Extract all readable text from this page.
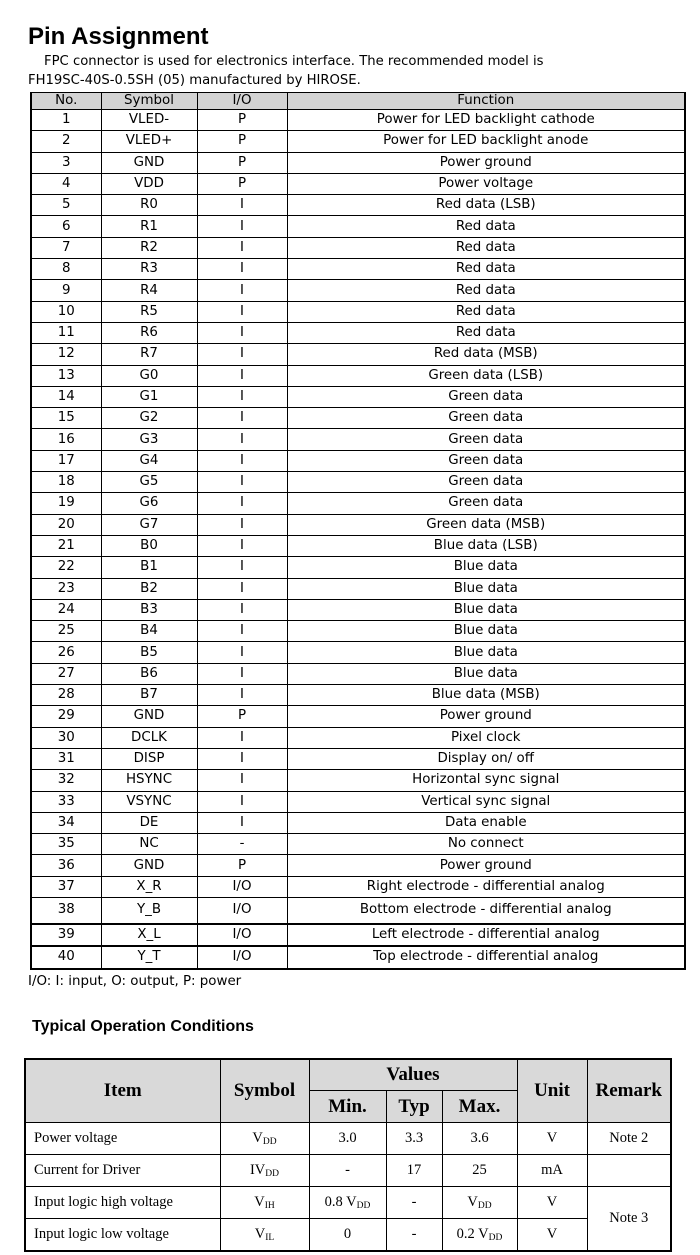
Pin Assignment
FPC connector is used for electronics interface. The recommended model is
FH19SC-40S-0.5SH (05) manufactured by HIROSE.
No.	Symbol	I/O	Function
1	VLED-	P	Power for LED backlight cathode
2	VLED+	P	Power for LED backlight anode
3	GND	P	Power ground
4	VDD	P	Power voltage
5	R0	I	Red data (LSB)
6	R1	I	Red data
7	R2	I	Red data
8	R3	I	Red data
9	R4	I	Red data
10	R5	I	Red data
11	R6	I	Red data
12	R7	I	Red data (MSB)
13	G0	I	Green data (LSB)
14	G1	I	Green data
15	G2	I	Green data
16	G3	I	Green data
17	G4	I	Green data
18	G5	I	Green data
19	G6	I	Green data
20	G7	I	Green data (MSB)
21	B0	I	Blue data (LSB)
22	B1	I	Blue data
23	B2	I	Blue data
24	B3	I	Blue data
25	B4	I	Blue data
26	B5	I	Blue data
27	B6	I	Blue data
28	B7	I	Blue data (MSB)
29	GND	P	Power ground
30	DCLK	I	Pixel clock
31	DISP	I	Display on/ off
32	HSYNC	I	Horizontal sync signal
33	VSYNC	I	Vertical sync signal
34	DE	I	Data enable
35	NC	-	No connect
36	GND	P	Power ground
37	X_R	I/O	Right electrode - differential analog
38	Y_B	I/O	Bottom electrode - differential analog
39	X_L	I/O	Left electrode - differential analog
40	Y_T	I/O	Top electrode - differential analog
I/O: I: input, O: output, P: power
Typical Operation Conditions
Item	Symbol	Values			Unit	Remark
		Min.	Typ	Max.		
Power voltage	$V_{DD}$	3.0	3.3	3.6	V	Note 2
Current for Driver	$IV_{DD}$	-	17	25	mA	
Input logic high voltage	$V_{IH}$	0.8 $V_{DD}$	-	$V_{DD}$	V	Note 3
Input logic low voltage	$V_{IL}$	0	-	0.2 $V_{DD}$	V	
